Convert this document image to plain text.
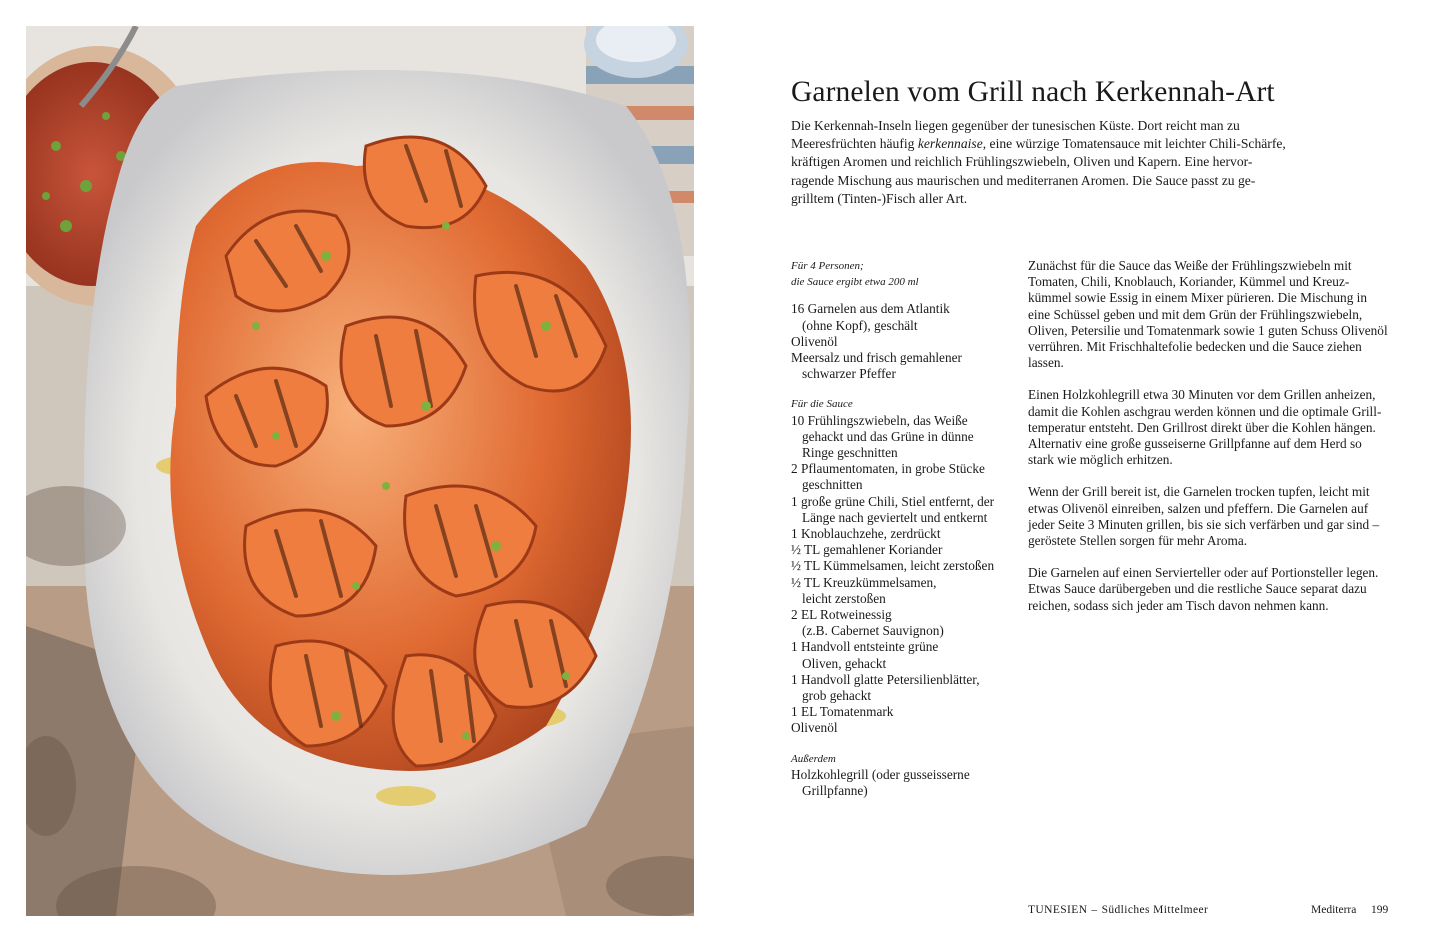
Garnelen vom Grill nach Kerkennah-Art
Die Kerkennah-Inseln liegen gegenüber der tunesischen Küste. Dort reicht man zu
Meeresfrüchten häufig kerkennaise, eine würzige Tomatensauce mit leichter Chili-Schärfe,
kräftigen Aromen und reichlich Frühlingszwiebeln, Oliven und Kapern. Eine hervor-
ragende Mischung aus maurischen und mediterranen Aromen. Die Sauce passt zu ge-
grilltem (Tinten-)Fisch aller Art.
Für 4 Personen;
die Sauce ergibt etwa 200 ml
16 Garnelen aus dem Atlantik
(ohne Kopf), geschält
Olivenöl
Meersalz und frisch gemahlener
schwarzer Pfeffer
Für die Sauce
10 Frühlingszwiebeln, das Weiße
gehackt und das Grüne in dünne
Ringe geschnitten
2 Pflaumentomaten, in grobe Stücke
geschnitten
1 große grüne Chili, Stiel entfernt, der
Länge nach geviertelt und entkernt
1 Knoblauchzehe, zerdrückt
½ TL gemahlener Koriander
½ TL Kümmelsamen, leicht zerstoßen
½ TL Kreuzkümmelsamen,
leicht zerstoßen
2 EL Rotweinessig
(z.B. Cabernet Sauvignon)
1 Handvoll entsteinte grüne
Oliven, gehackt
1 Handvoll glatte Petersilienblätter,
grob gehackt
1 EL Tomatenmark
Olivenöl
Außerdem
Holzkohlegrill (oder gusseisserne
Grillpfanne)
Zunächst für die Sauce das Weiße der Frühlingszwiebeln mit
Tomaten, Chili, Knoblauch, Koriander, Kümmel und Kreuz-
kümmel sowie Essig in einem Mixer pürieren. Die Mischung in
eine Schüssel geben und mit dem Grün der Frühlingszwiebeln,
Oliven, Petersilie und Tomatenmark sowie 1 guten Schuss Olivenöl
verrühren. Mit Frischhaltefolie bedecken und die Sauce ziehen
lassen.
Einen Holzkohlegrill etwa 30 Minuten vor dem Grillen anheizen,
damit die Kohlen aschgrau werden können und die optimale Grill-
temperatur entsteht. Den Grillrost direkt über die Kohlen hängen.
Alternativ eine große gusseiserne Grillpfanne auf dem Herd so
stark wie möglich erhitzen.
Wenn der Grill bereit ist, die Garnelen trocken tupfen, leicht mit
etwas Olivenöl einreiben, salzen und pfeffern. Die Garnelen auf
jeder Seite 3 Minuten grillen, bis sie sich verfärben und gar sind –
geröstete Stellen sorgen für mehr Aroma.
Die Garnelen auf einen Servierteller oder auf Portionsteller legen.
Etwas Sauce darübergeben und die restliche Sauce separat dazu
reichen, sodass sich jeder am Tisch davon nehmen kann.
TUNESIEN – Südliches Mittelmeer	Mediterra 199
